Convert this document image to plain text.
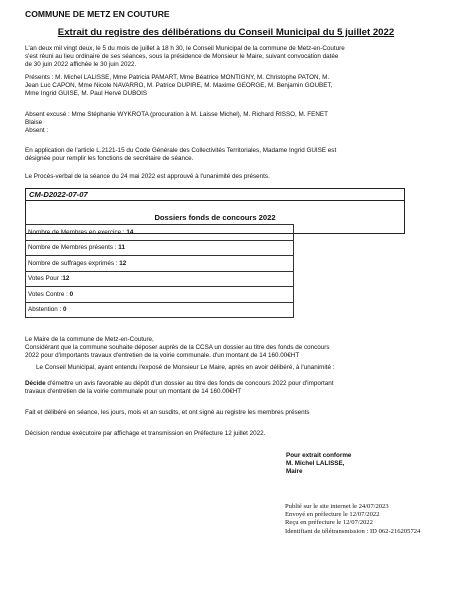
COMMUNE DE METZ EN COUTURE
Extrait du registre des délibérations du Conseil Municipal du 5 juillet 2022
L'an deux mil vingt deux, le 5 du mois de juillet à 18 h 30, le Conseil Municipal de la commune de Metz-en-Couture
s'est réuni au lieu ordinaire de ses séances, sous la présidence de Monsieur le Maire, suivant convocation datée
de 30 juin 2022 affichée le 30 juin 2022.
Présents : M. Michel LALISSE, Mme Patricia PAMART, Mme Béatrice MONTIGNY, M. Christophe PATON, M.
Jean Luc CAPON, Mme Nicole NAVARRO, M. Patrice DUPIRE, M. Maxime GEORGE, M. Benjamin GOUBET,
Mme Ingrid GUISE, M. Paul Hervé DUBOIS
Absent excusé : Mme Stéphanie WYKROTA (procuration à M. Laisse Michel), M. Richard RISSO, M. FENET
Blaise
Absent :
En application de l'article L.2121-15 du Code Générale des Collectivités Territoriales, Madame Ingrid GUISE est
désignée pour remplir les fonctions de secrétaire de séance.
Le Procès-verbal de la séance du 24 mai 2022 est approuvé à l'unanimité des présents.
CM-D2022-07-07
Dossiers fonds de concours 2022
Nombre de Membres en exercice : 14
Nombre de Membres présents : 11
Nombre de suffrages exprimés : 12
Votes Pour :12
Votes Contre : 0
Abstention : 0
Le Maire de la commune de Metz-en-Couture,
Considérant que la commune souhaite déposer auprès de la CCSA un dossier au titre des fonds de concours
2022 pour d'importants travaux d'entretien de la voirie communale. d'un montant de 14 160.00€HT
Le Conseil Municipal, ayant entendu l'exposé de Monsieur Le Maire, après en avoir délibéré, à l'unanimité :
Décide d'émettre un avis favorable au dépôt d'un dossier au titre des fonds de concours 2022 pour d'important
travaux d'entretien de la voirie communale pour un montant de 14 160.00€HT
Fait et délibéré en séance, les jours, mois et an susdits, et ont signé au registre les membres présents
Décision rendue exécutoire par affichage et transmission en Préfecture 12 juillet 2022.
Pour extrait conforme
M. Michel LALISSE,
Maire
Publié sur le site internet le 24/07/2023
Envoyé en préfecture le 12/07/2022
Reçu en préfecture le 12/07/2022
Identifiant de télétransmission : ID 062-216205724
